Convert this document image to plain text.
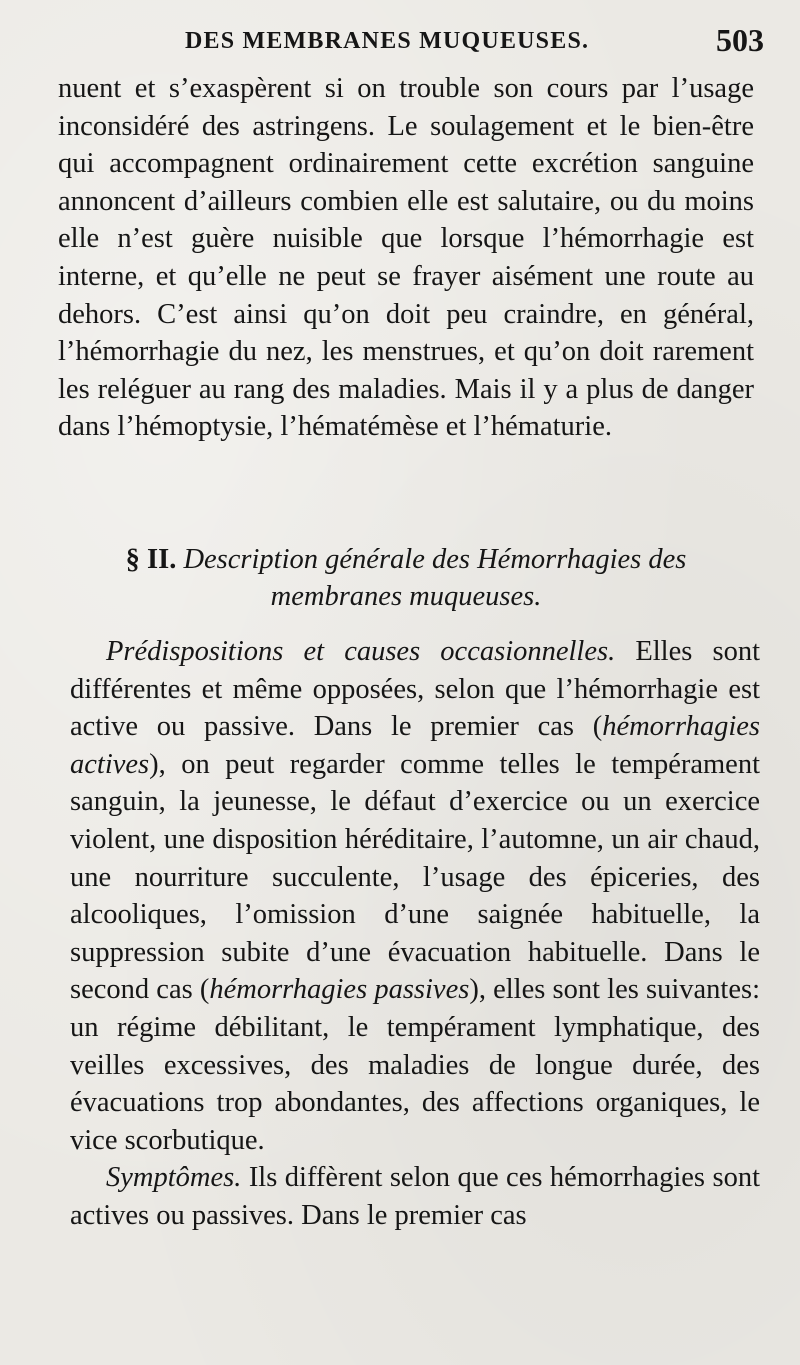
DES MEMBRANES MUQUEUSES.	503

nuent et s’exaspèrent si on trouble son cours par l’usage inconsidéré des astringens. Le soulagement et le bien-être qui accompagnent ordinairement cette excrétion sanguine annoncent d’ailleurs combien elle est salutaire, ou du moins elle n’est guère nuisible que lorsque l’hémorrhagie est interne, et qu’elle ne peut se frayer aisément une route au dehors. C’est ainsi qu’on doit peu craindre, en général, l’hémorrhagie du nez, les menstrues, et qu’on doit rarement les reléguer au rang des maladies. Mais il y a plus de danger dans l’hémoptysie, l’hématémèse et l’hématurie.

§ II. Description générale des Hémorrhagies des membranes muqueuses.

Prédispositions et causes occasionnelles. Elles sont différentes et même opposées, selon que l’hémorrhagie est active ou passive. Dans le premier cas (hémorrhagies actives), on peut regarder comme telles le tempérament sanguin, la jeunesse, le défaut d’exercice ou un exercice violent, une disposition héréditaire, l’automne, un air chaud, une nourriture succulente, l’usage des épiceries, des alcooliques, l’omission d’une saignée habituelle, la suppression subite d’une évacuation habituelle. Dans le second cas (hémorrhagies passives), elles sont les suivantes: un régime débilitant, le tempérament lymphatique, des veilles excessives, des maladies de longue durée, des évacuations trop abondantes, des affections organiques, le vice scorbutique.

Symptômes. Ils diffèrent selon que ces hémorrhagies sont actives ou passives. Dans le premier cas
